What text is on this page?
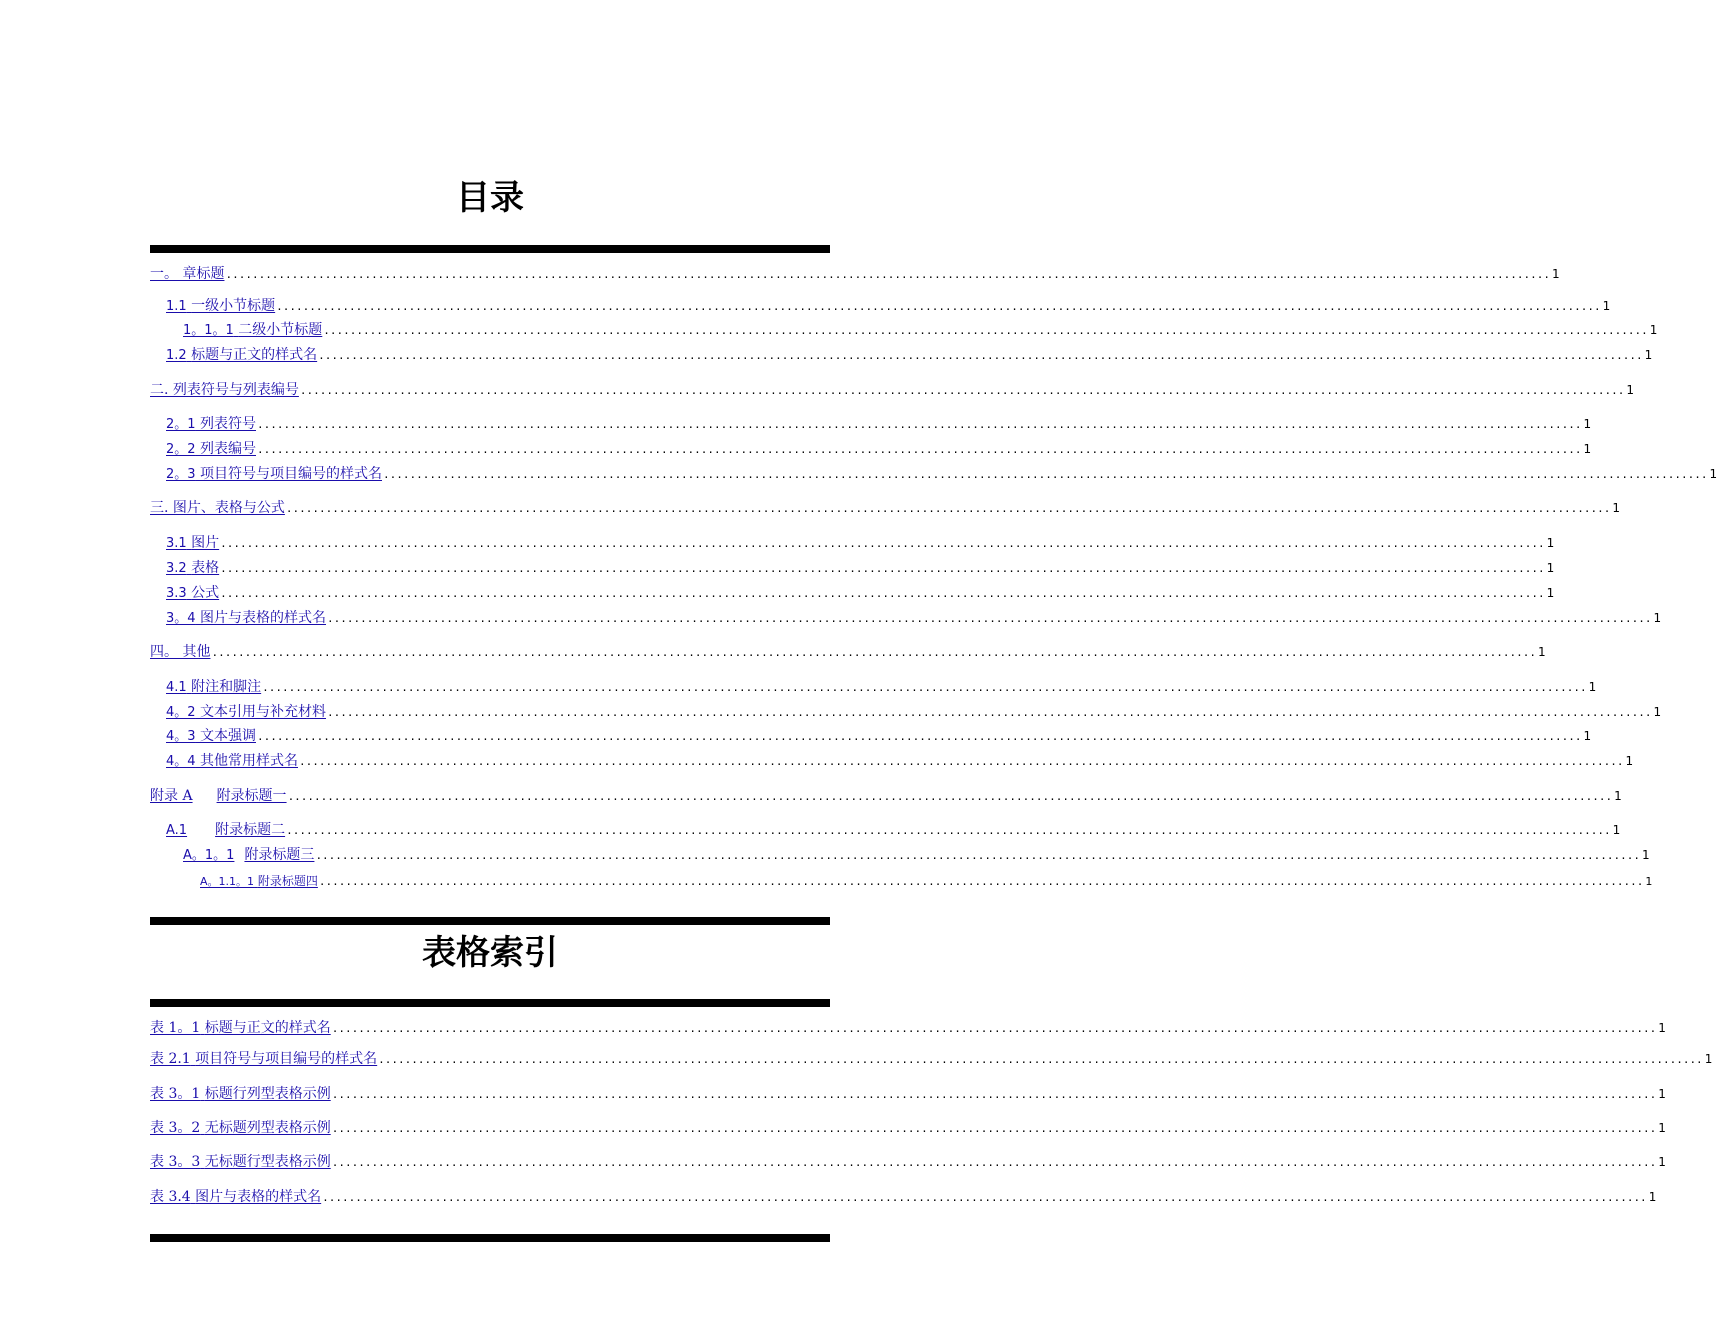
目录
一。 章标题 ........................................................................................................................................................................................................ 1
1.1 一级小节标题 ........................................................................................................................................................................................................ 1
1。1。1 二级小节标题 ........................................................................................................................................................................................................ 1
1.2 标题与正文的样式名 ........................................................................................................................................................................................................ 1
二. 列表符号与列表编号 ........................................................................................................................................................................................................ 1
2。1 列表符号 ........................................................................................................................................................................................................ 1
2。2 列表编号 ........................................................................................................................................................................................................ 1
2。3 项目符号与项目编号的样式名 ........................................................................................................................................................................................................ 1
三. 图片、表格与公式 ........................................................................................................................................................................................................ 1
3.1 图片 ........................................................................................................................................................................................................ 1
3.2 表格 ........................................................................................................................................................................................................ 1
3.3 公式 ........................................................................................................................................................................................................ 1
3。4 图片与表格的样式名 ........................................................................................................................................................................................................ 1
四。 其他 ........................................................................................................................................................................................................ 1
4.1 附注和脚注 ........................................................................................................................................................................................................ 1
4。2 文本引用与补充材料 ........................................................................................................................................................................................................ 1
4。3 文本强调 ........................................................................................................................................................................................................ 1
4。4 其他常用样式名 ........................................................................................................................................................................................................ 1
附录 A 附录标题一 ........................................................................................................................................................................................................ 1
A.1 附录标题二 ........................................................................................................................................................................................................ 1
A。1。1 附录标题三 ........................................................................................................................................................................................................ 1
A。1.1。1 附录标题四 ........................................................................................................................................................................................................ 1
表格索引
表 1。1 标题与正文的样式名 ........................................................................................................................................................................................................ 1
表 2.1 项目符号与项目编号的样式名 ........................................................................................................................................................................................................ 1
表 3。1 标题行列型表格示例 ........................................................................................................................................................................................................ 1
表 3。2 无标题列型表格示例 ........................................................................................................................................................................................................ 1
表 3。3 无标题行型表格示例 ........................................................................................................................................................................................................ 1
表 3.4 图片与表格的样式名 ........................................................................................................................................................................................................ 1
